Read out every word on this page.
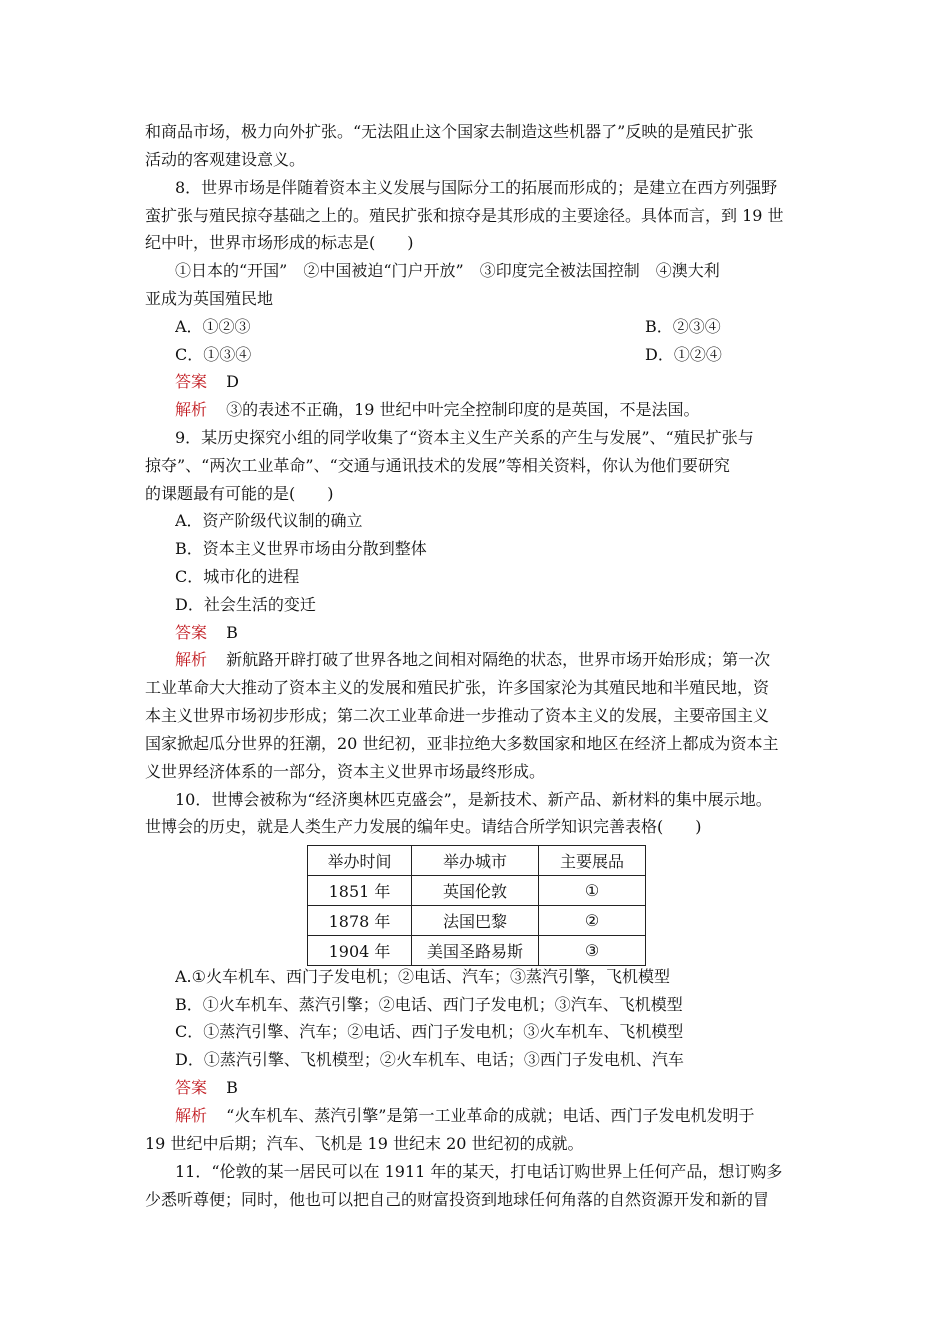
和商品市场，极力向外扩张。“无法阻止这个国家去制造这些机器了”反映的是殖民扩张
活动的客观建设意义。
8．世界市场是伴随着资本主义发展与国际分工的拓展而形成的；是建立在西方列强野
蛮扩张与殖民掠夺基础之上的。殖民扩张和掠夺是其形成的主要途径。具体而言，到 19 世
纪中叶，世界市场形成的标志是(　　)
①日本的“开国”　②中国被迫“门户开放”　③印度完全被法国控制　④澳大利
亚成为英国殖民地
A．①②③	B．②③④
C．①③④	D．①②④
答案 D
解析 ③的表述不正确，19 世纪中叶完全控制印度的是英国，不是法国。
9．某历史探究小组的同学收集了“资本主义生产关系的产生与发展”、“殖民扩张与
掠夺”、“两次工业革命”、“交通与通讯技术的发展”等相关资料，你认为他们要研究
的课题最有可能的是(　　)
A．资产阶级代议制的确立
B．资本主义世界市场由分散到整体
C．城市化的进程
D．社会生活的变迁
答案 B
解析 新航路开辟打破了世界各地之间相对隔绝的状态，世界市场开始形成；第一次
工业革命大大推动了资本主义的发展和殖民扩张，许多国家沦为其殖民地和半殖民地，资
本主义世界市场初步形成；第二次工业革命进一步推动了资本主义的发展，主要帝国主义
国家掀起瓜分世界的狂潮，20 世纪初，亚非拉绝大多数国家和地区在经济上都成为资本主
义世界经济体系的一部分，资本主义世界市场最终形成。
10．世博会被称为“经济奥林匹克盛会”，是新技术、新产品、新材料的集中展示地。
世博会的历史，就是人类生产力发展的编年史。请结合所学知识完善表格(　　)
举办时间	举办城市	主要展品
1851 年	英国伦敦	①
1878 年	法国巴黎	②
1904 年	美国圣路易斯	③
A.①火车机车、西门子发电机；②电话、汽车；③蒸汽引擎，飞机模型
B．①火车机车、蒸汽引擎；②电话、西门子发电机；③汽车、飞机模型
C．①蒸汽引擎、汽车；②电话、西门子发电机；③火车机车、飞机模型
D．①蒸汽引擎、飞机模型；②火车机车、电话；③西门子发电机、汽车
答案 B
解析 “火车机车、蒸汽引擎”是第一工业革命的成就；电话、西门子发电机发明于
19 世纪中后期；汽车、飞机是 19 世纪末 20 世纪初的成就。
11．“伦敦的某一居民可以在 1911 年的某天，打电话订购世界上任何产品，想订购多
少悉听尊便；同时，他也可以把自己的财富投资到地球任何角落的自然资源开发和新的冒
